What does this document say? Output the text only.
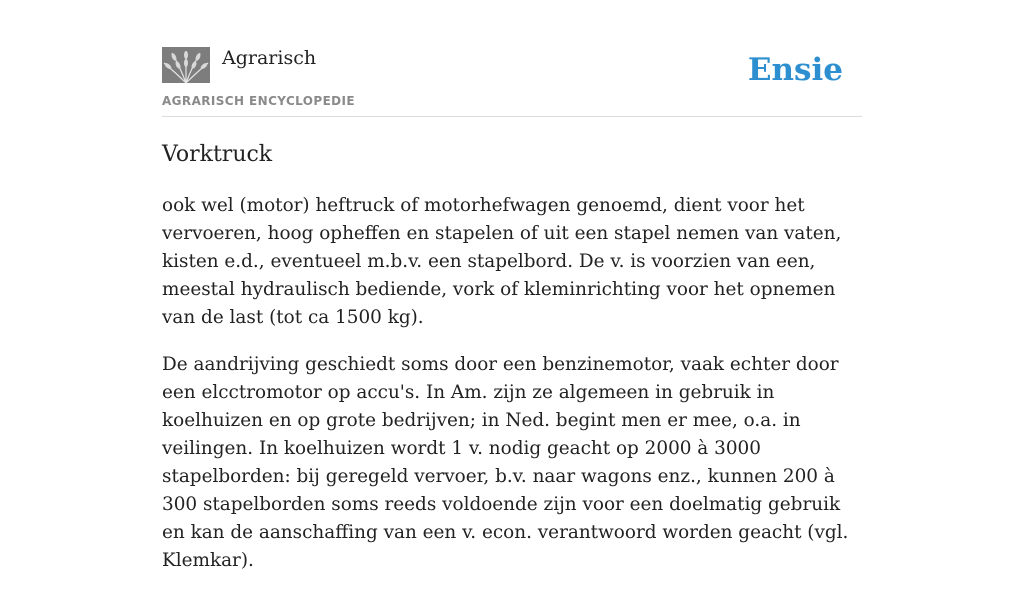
Agrarisch
AGRARISCH ENCYCLOPEDIE
Ensie
Vorktruck

ook wel (motor) heftruck of motorhefwagen genoemd, dient voor het vervoeren, hoog opheffen en stapelen of uit een stapel nemen van vaten, kisten e.d., eventueel m.b.v. een stapelbord. De v. is voorzien van een, meestal hydraulisch bediende, vork of kleminrichting voor het opnemen van de last (tot ca 1500 kg).

De aandrijving geschiedt soms door een benzinemotor, vaak echter door een elcctromotor op accu's. In Am. zijn ze algemeen in gebruik in koelhuizen en op grote bedrijven; in Ned. begint men er mee, o.a. in veilingen. In koelhuizen wordt 1 v. nodig geacht op 2000 à 3000 stapelborden: bij geregeld vervoer, b.v. naar wagons enz., kunnen 200 à 300 stapelborden soms reeds voldoende zijn voor een doelmatig gebruik en kan de aanschaffing van een v. econ. verantwoord worden geacht (vgl. Klemkar).
